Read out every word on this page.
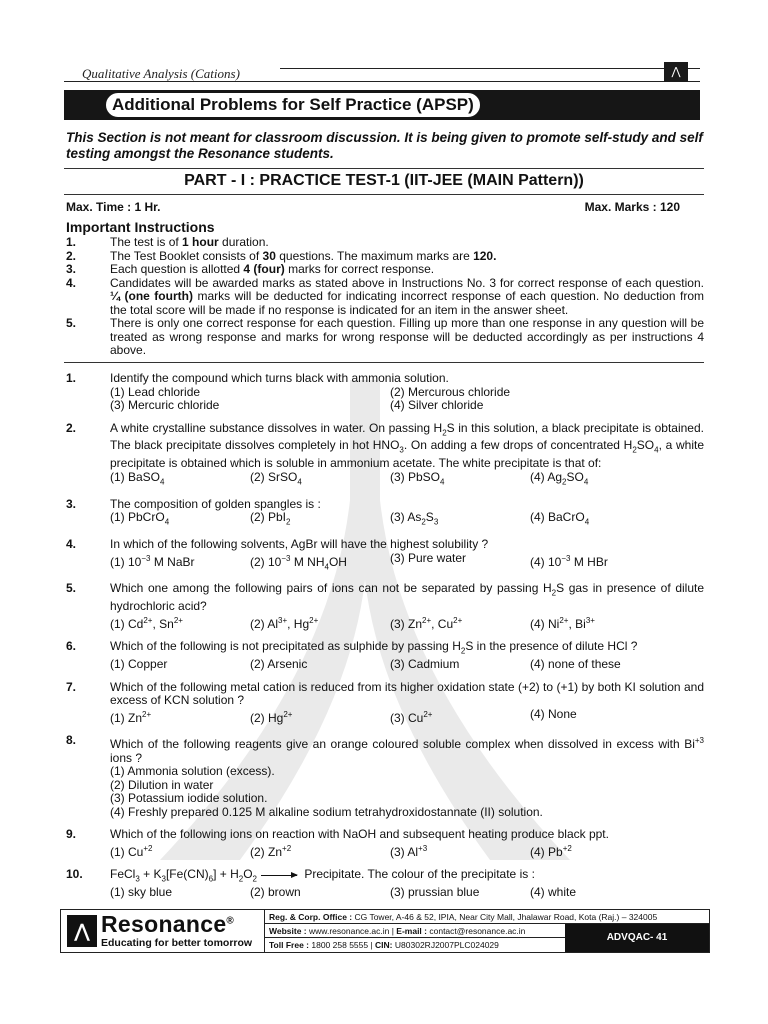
Qualitative Analysis (Cations)	⋀
Additional Problems for Self Practice (APSP)
This Section is not meant for classroom discussion. It is being given to promote self-study and self testing amongst the Resonance students.
PART - I : PRACTICE TEST-1 (IIT-JEE (MAIN Pattern))
Max. Time : 1 Hr.	Max. Marks : 120
Important Instructions
1.	The test is of 1 hour duration.
2.	The Test Booklet consists of 30 questions. The maximum marks are 120.
3.	Each question is allotted 4 (four) marks for correct response.
4.	Candidates will be awarded marks as stated above in Instructions No. 3 for correct response of each question. ¼ (one fourth) marks will be deducted for indicating incorrect response of each question. No deduction from the total score will be made if no response is indicated for an item in the answer sheet.
5.	There is only one correct response for each question. Filling up more than one response in any question will be treated as wrong response and marks for wrong response will be deducted accordingly as per instructions 4 above.
1.	Identify the compound which turns black with ammonia solution.
(1) Lead chloride	(2) Mercurous chloride
(3) Mercuric chloride	(4) Silver chloride
2.	A white crystalline substance dissolves in water. On passing $H_2S$ in this solution, a black precipitate is obtained. The black precipitate dissolves completely in hot $HNO_3$. On adding a few drops of concentrated $H_2SO_4$, a white precipitate is obtained which is soluble in ammonium acetate. The white precipitate is that of:
(1) BaSO$_4$	(2) SrSO$_4$	(3) PbSO$_4$	(4) $Ag_2SO_4$
3.	The composition of golden spangles is :
(1) PbCrO$_4$	(2) PbI$_2$	(3) $As_2S_3$	(4) BaCrO$_4$
4.	In which of the following solvents, AgBr will have the highest solubility ?
(1) $10^{-3}$ M NaBr	(2) $10^{-3}$ M $NH_4OH$	(3) Pure water	(4) $10^{-3}$ M HBr
5.	Which one among the following pairs of ions can not be separated by passing $H_2S$ gas in presence of dilute hydrochloric acid?
(1) $Cd^{2+}$, $Sn^{2+}$	(2) $Al^{3+}$, $Hg^{2+}$	(3) $Zn^{2+}$, $Cu^{2+}$	(4) $Ni^{2+}$, $Bi^{3+}$
6.	Which of the following is not precipitated as sulphide by passing $H_2S$ in the presence of dilute HCl ?
(1) Copper	(2) Arsenic	(3) Cadmium	(4) none of these
7.	Which of the following metal cation is reduced from its higher oxidation state (+2) to (+1) by both KI solution and excess of KCN solution ?
(1) $Zn^{2+}$	(2) $Hg^{2+}$	(3) $Cu^{2+}$	(4) None
8.	Which of the following reagents give an orange coloured soluble complex when dissolved in excess with $Bi^{+3}$ ions ?
(1) Ammonia solution (excess).
(2) Dilution in water
(3) Potassium iodide solution.
(4) Freshly prepared 0.125 M alkaline sodium tetrahydroxidostannate (II) solution.
9.	Which of the following ions on reaction with NaOH and subsequent heating produce black ppt.
(1) $Cu^{+2}$	(2) $Zn^{+2}$	(3) $Al^{+3}$	(4) $Pb^{+2}$
10.	FeCl$_3$ + $K_3[Fe(CN)_6] + H_2O_2$ → Precipitate. The colour of the precipitate is :
(1) sky blue	(2) brown	(3) prussian blue	(4) white
⋀ Resonance®
Educating for better tomorrow
Reg. & Corp. Office : CG Tower, A-46 & 52, IPIA, Near City Mall, Jhalawar Road, Kota (Raj.) – 324005
Website : www.resonance.ac.in | E-mail : contact@resonance.ac.in
Toll Free : 1800 258 5555 | CIN: U80302RJ2007PLC024029
ADVQAC- 41
